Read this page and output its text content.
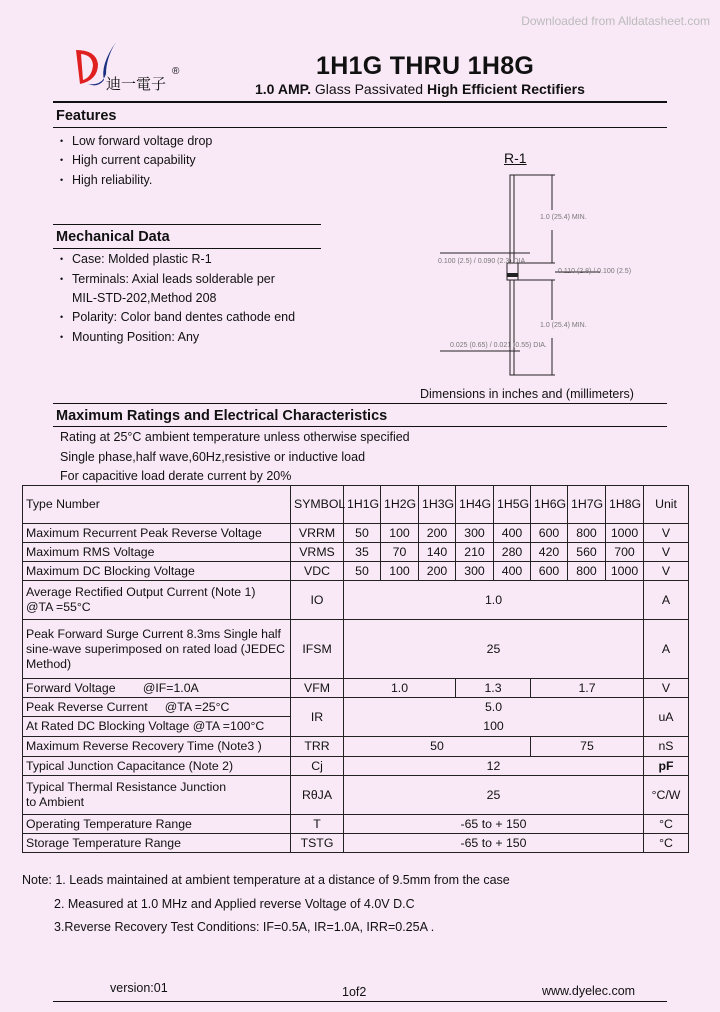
Downloaded from Alldatasheet.com
迪一電子
®	1H1G THRU 1H8G
1.0 AMP. Glass Passivated High Efficient Rectifiers
Features
• Low forward voltage drop
• High current capability
• High reliability.
Mechanical Data
• Case: Molded plastic R-1
• Terminals: Axial leads solderable per
MIL-STD-202,Method 208
• Polarity: Color band dentes cathode end
• Mounting Position: Any
R-1
1.0 (25.4) MIN.
0.100 (2.5) / 0.090 (2.3) DIA.
0.110 (2.8) / 0.100 (2.5)
1.0 (25.4) MIN.
0.025 (0.65) / 0.021 (0.55) DIA.
Dimensions in inches and (millimeters)
Maximum Ratings and Electrical Characteristics
Rating at 25°C ambient temperature unless otherwise specified
Single phase,half wave,60Hz,resistive or inductive load
For capacitive load derate current by 20%
Type Number	SYMBOL	1H1G	1H2G	1H3G	1H4G	1H5G	1H6G	1H7G	1H8G	Unit
Maximum Recurrent Peak Reverse Voltage	VRRM	50	100	200	300	400	600	800	1000	V
Maximum RMS Voltage	VRMS	35	70	140	210	280	420	560	700	V
Maximum DC Blocking Voltage	VDC	50	100	200	300	400	600	800	1000	V

Average Rectified Output Current (Note 1)
@TA =55°C	IO	1.0								A
Peak Forward Surge Current 8.3ms Single half sine-wave superimposed on rated load (JEDEC Method)	IFSM	25								A
Forward Voltage        @IF=1.0A	VFM	1.0			1.3		1.7			V
Peak Reverse Current     @TA =25°C	IR	5.0								uA
At Rated DC Blocking Voltage @TA =100°C		100								
Maximum Reverse Recovery Time (Note3 )	TRR	50					75			nS
Typical Junction Capacitance (Note 2)	Cj	12								pF
Typical Thermal Resistance Junction to Ambient	RθJA	25								°C/W
Operating Temperature Range	T	-65 to + 150								°C
Storage Temperature Range	TSTG	-65 to + 150								°C
Note: 1. Leads maintained at ambient temperature at a distance of 9.5mm from the case
2. Measured at 1.0 MHz and Applied reverse Voltage of 4.0V D.C
3.Reverse Recovery Test Conditions: IF=0.5A, IR=1.0A, IRR=0.25A .
version:01	1of2	www.dyelec.com
